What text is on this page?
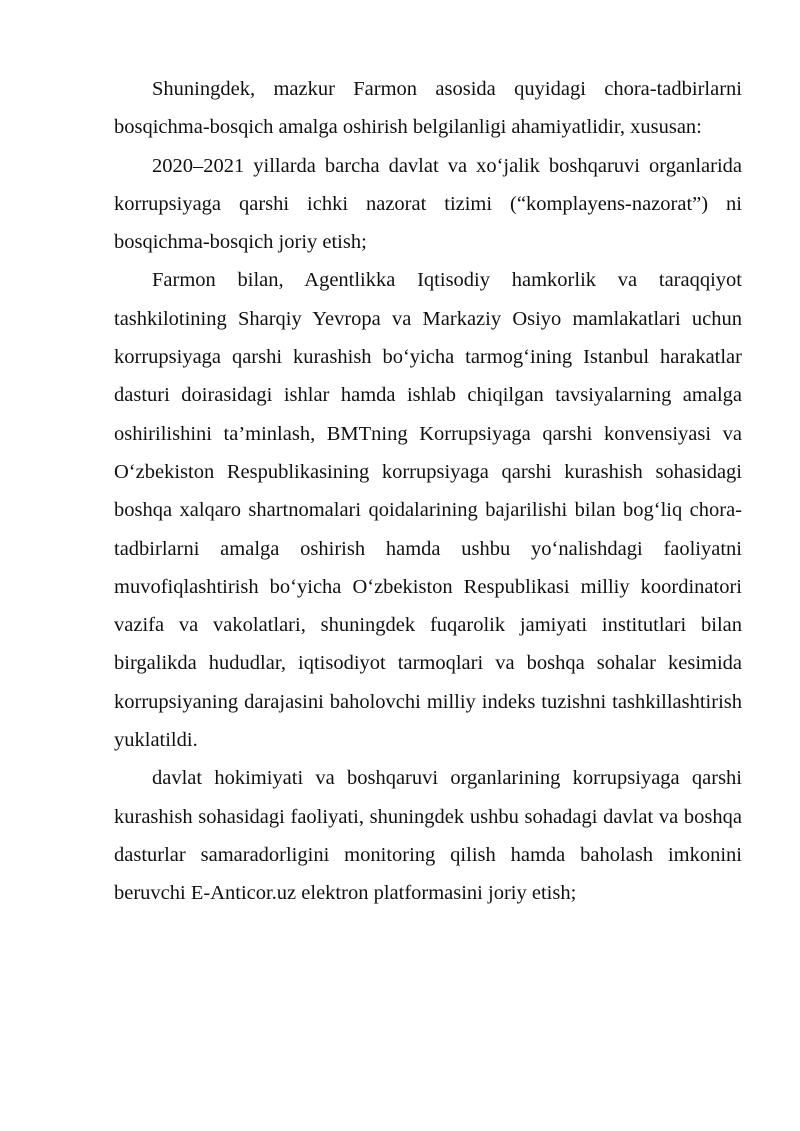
Shuningdek, mazkur Farmon asosida quyidagi chora-tadbirlarni bosqichma-bosqich amalga oshirish belgilanligi ahamiyatlidir, xususan:

2020–2021 yillarda barcha davlat va xo‘jalik boshqaruvi organlarida korrupsiyaga qarshi ichki nazorat tizimi (“komplayens-nazorat”) ni bosqichma-bosqich joriy etish;

Farmon bilan, Agentlikka Iqtisodiy hamkorlik va taraqqiyot tashkilotining Sharqiy Yevropa va Markaziy Osiyo mamlakatlari uchun korrupsiyaga qarshi kurashish bo‘yicha tarmog‘ining Istanbul harakatlar dasturi doirasidagi ishlar hamda ishlab chiqilgan tavsiyalarning amalga oshirilishini ta’minlash, BMTning Korrupsiyaga qarshi konvensiyasi va O‘zbekiston Respublikasining korrupsiyaga qarshi kurashish sohasidagi boshqa xalqaro shartnomalari qoidalarining bajarilishi bilan bog‘liq chora-tadbirlarni amalga oshirish hamda ushbu yo‘nalishdagi faoliyatni muvofiqlashtirish bo‘yicha O‘zbekiston Respublikasi milliy koordinatori vazifa va vakolatlari, shuningdek fuqarolik jamiyati institutlari bilan birgalikda hududlar, iqtisodiyot tarmoqlari va boshqa sohalar kesimida korrupsiyaning darajasini baholovchi milliy indeks tuzishni tashkillashtirish yuklatildi.

davlat hokimiyati va boshqaruvi organlarining korrupsiyaga qarshi kurashish sohasidagi faoliyati, shuningdek ushbu sohadagi davlat va boshqa dasturlar samaradorligini monitoring qilish hamda baholash imkonini beruvchi E-Anticor.uz elektron platformasini joriy etish;
